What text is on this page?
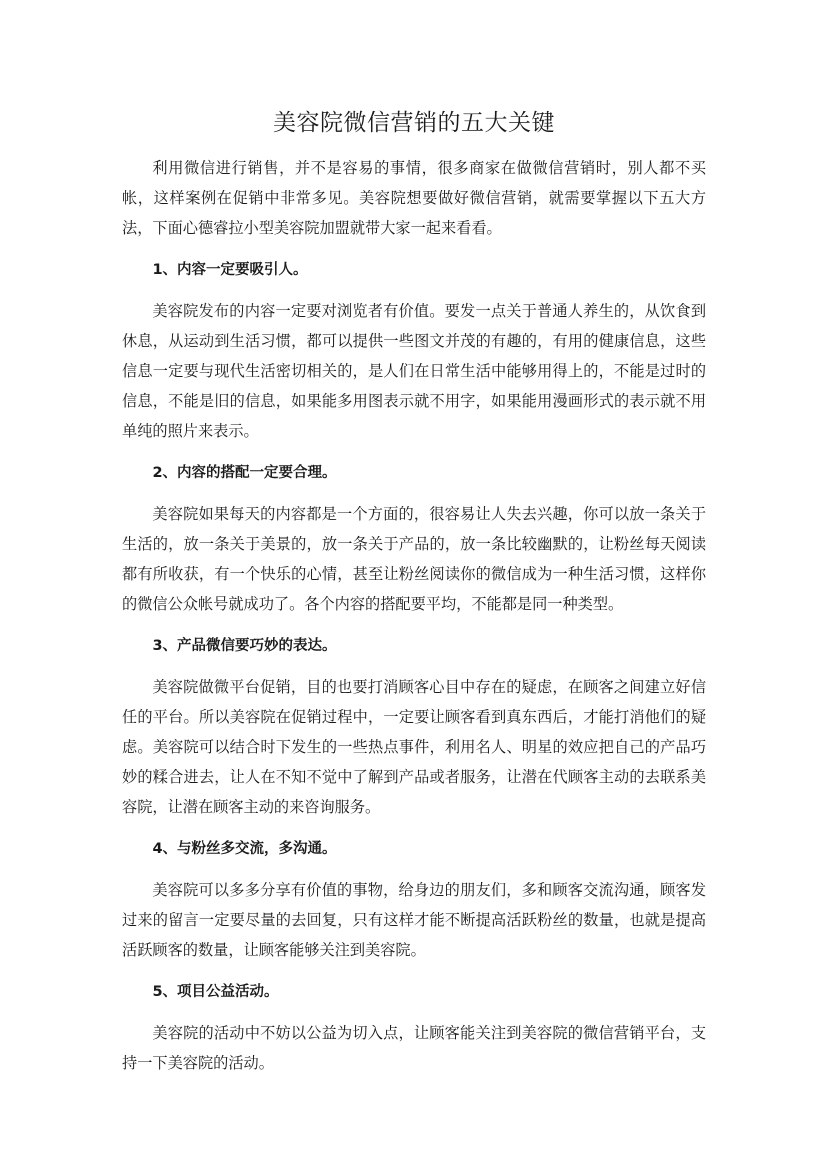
美容院微信营销的五大关键

利用微信进行销售，并不是容易的事情，很多商家在做微信营销时，别人都不买帐，这样案例在促销中非常多见。美容院想要做好微信营销，就需要掌握以下五大方法，下面心德睿拉小型美容院加盟就带大家一起来看看。

1、内容一定要吸引人。

美容院发布的内容一定要对浏览者有价值。要发一点关于普通人养生的，从饮食到休息，从运动到生活习惯，都可以提供一些图文并茂的有趣的，有用的健康信息，这些信息一定要与现代生活密切相关的，是人们在日常生活中能够用得上的，不能是过时的信息，不能是旧的信息，如果能多用图表示就不用字，如果能用漫画形式的表示就不用单纯的照片来表示。

2、内容的搭配一定要合理。

美容院如果每天的内容都是一个方面的，很容易让人失去兴趣，你可以放一条关于生活的，放一条关于美景的，放一条关于产品的，放一条比较幽默的，让粉丝每天阅读都有所收获，有一个快乐的心情，甚至让粉丝阅读你的微信成为一种生活习惯，这样你的微信公众帐号就成功了。各个内容的搭配要平均，不能都是同一种类型。

3、产品微信要巧妙的表达。

美容院做微平台促销，目的也要打消顾客心目中存在的疑虑，在顾客之间建立好信任的平台。所以美容院在促销过程中，一定要让顾客看到真东西后，才能打消他们的疑虑。美容院可以结合时下发生的一些热点事件，利用名人、明星的效应把自己的产品巧妙的糅合进去，让人在不知不觉中了解到产品或者服务，让潜在代顾客主动的去联系美容院，让潜在顾客主动的来咨询服务。

4、与粉丝多交流，多沟通。

美容院可以多多分享有价值的事物，给身边的朋友们，多和顾客交流沟通，顾客发过来的留言一定要尽量的去回复，只有这样才能不断提高活跃粉丝的数量，也就是提高活跃顾客的数量，让顾客能够关注到美容院。

5、项目公益活动。

美容院的活动中不妨以公益为切入点，让顾客能关注到美容院的微信营销平台，支持一下美容院的活动。
